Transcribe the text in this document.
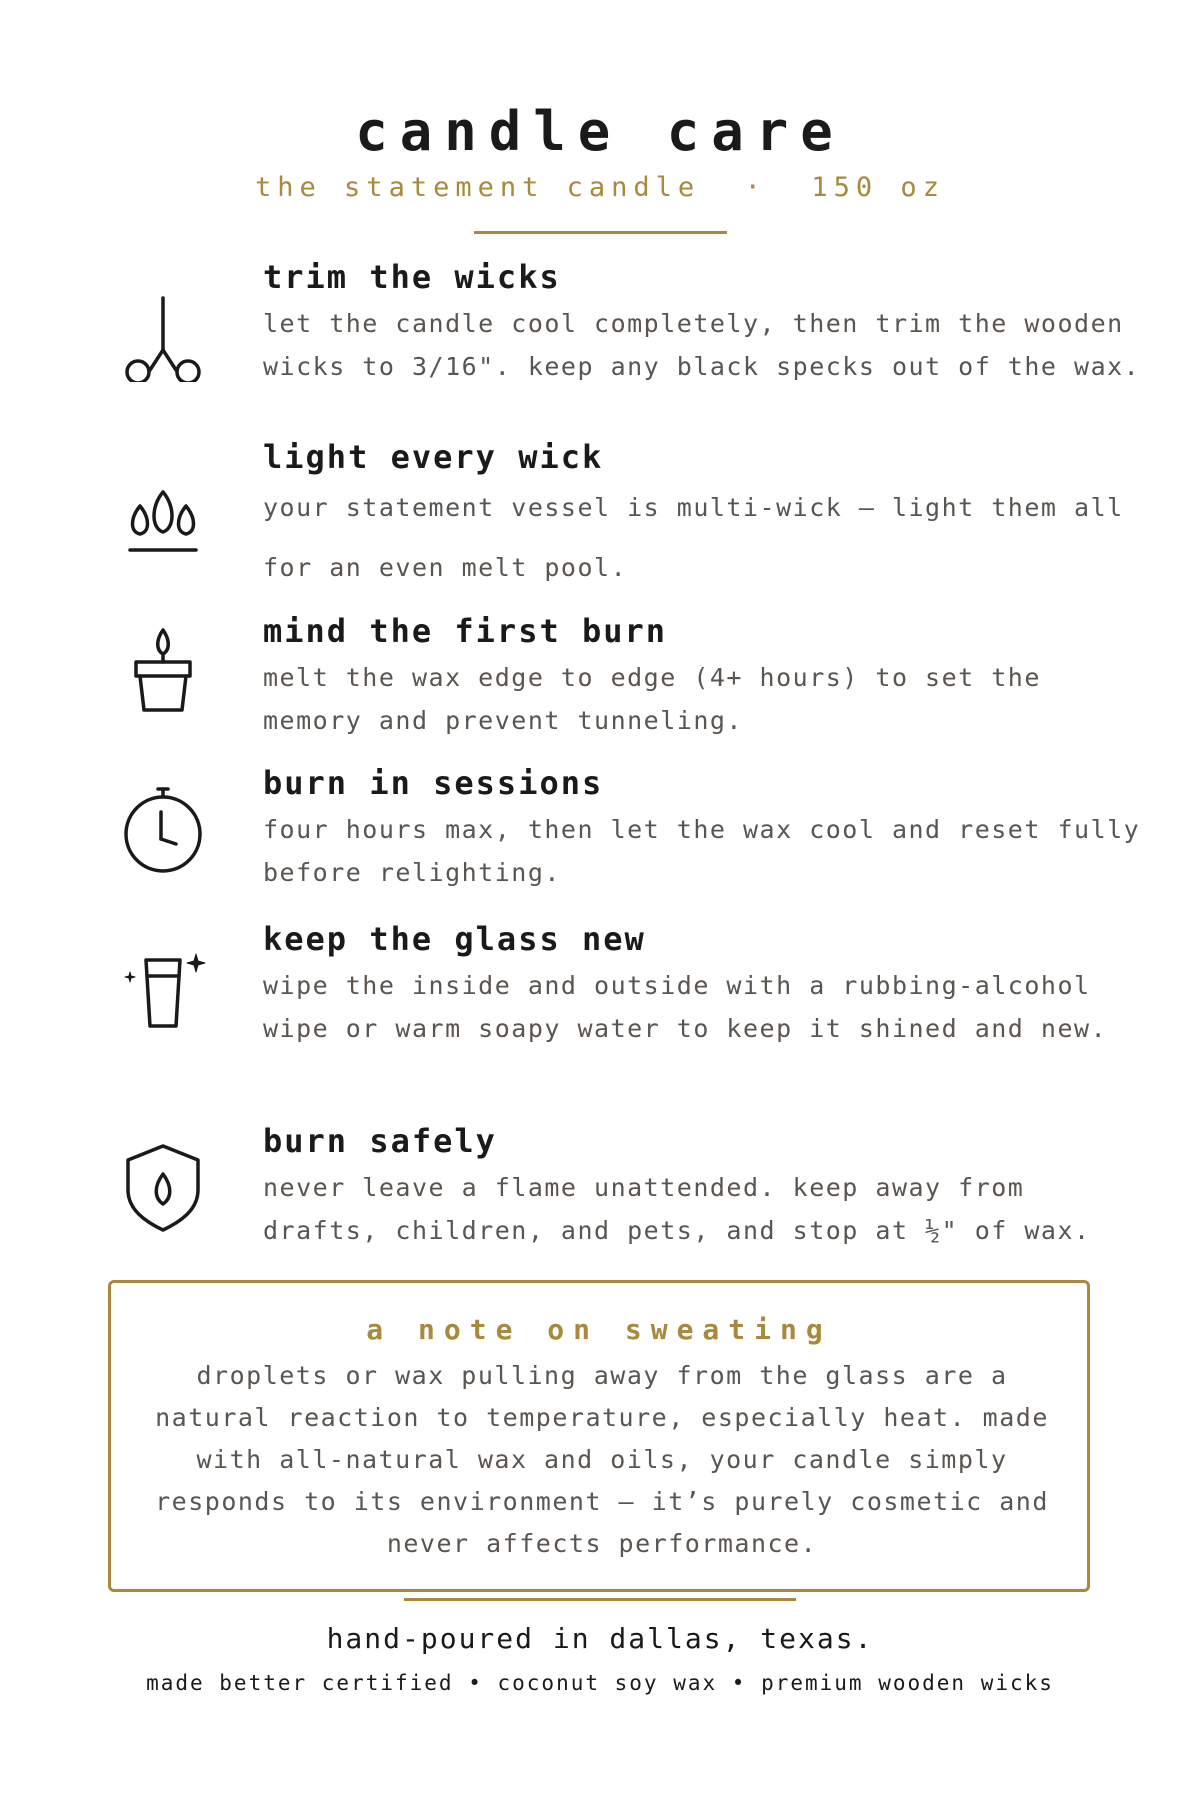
candle care
the statement candle  ·  150 oz
trim the wicks
let the candle cool completely, then trim the wooden wicks to 3/16". keep any black specks out of the wax.
light every wick
your statement vessel is multi-wick — light them all for an even melt pool.
mind the first burn
melt the wax edge to edge (4+ hours) to set the memory and prevent tunneling.
burn in sessions
four hours max, then let the wax cool and reset fully before relighting.
keep the glass new
wipe the inside and outside with a rubbing-alcohol wipe or warm soapy water to keep it shined and new.
burn safely
never leave a flame unattended. keep away from drafts, children, and pets, and stop at ½" of wax.
a note on sweating
droplets or wax pulling away from the glass are a natural reaction to temperature, especially heat. made with all-natural wax and oils, your candle simply responds to its environment — it’s purely cosmetic and never affects performance.
hand-poured in dallas, texas.
made better certified • coconut soy wax • premium wooden wicks
